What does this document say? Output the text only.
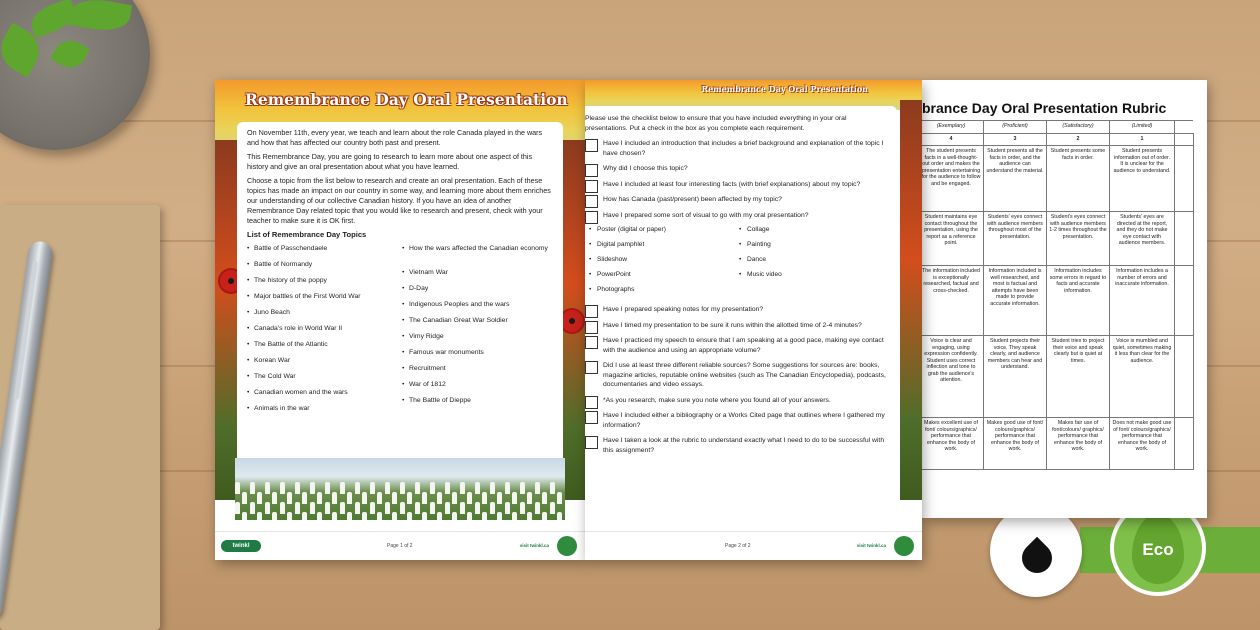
Remembrance Day Oral Presentation

On November 11th, every year, we teach and learn about the role Canada played in the wars and how that has affected our country both past and present.

This Remembrance Day, you are going to research to learn more about one aspect of this history and give an oral presentation about what you have learned.

Choose a topic from the list below to research and create an oral presentation. Each of these topics has made an impact on our country in some way, and learning more about them enriches our understanding of our collective Canadian history. If you have an idea of another Remembrance Day related topic that you would like to research and present, check with your teacher to make sure it is OK first.

List of Remembrance Day Topics
• Battle of Passchendaele
• Battle of Normandy
• The history of the poppy
• Major battles of the First World War
• Juno Beach
• Canada's role in World War II
• The Battle of the Atlantic
• Korean War
• The Cold War
• Canadian women and the wars
• Animals in the war
• How the wars affected the Canadian economy
• Vietnam War
• D-Day
• Indigenous Peoples and the wars
• The Canadian Great War Soldier
• Vimy Ridge
• Famous war monuments
• Recruitment
• War of 1812
• The Battle of Dieppe
twinkl	Page 1 of 2	visit twinkl.ca
Remembrance Day Oral Presentation

Please use the checklist below to ensure that you have included everything in your oral presentations. Put a check in the box as you complete each requirement.

Have I included an introduction that includes a brief background and explanation of the topic I have chosen?
Why did I choose this topic?
Have I included at least four interesting facts (with brief explanations) about my topic?
How has Canada (past/present) been affected by my topic?
Have I prepared some sort of visual to go with my oral presentation?
• Poster (digital or paper)	• Collage
• Digital pamphlet	• Painting
• Slideshow	• Dance
• PowerPoint	• Music video
• Photographs
Have I prepared speaking notes for my presentation?
Have I timed my presentation to be sure it runs within the allotted time of 2-4 minutes?
Have I practiced my speech to ensure that I am speaking at a good pace, making eye contact with the audience and using an appropriate volume?
Did I use at least three different reliable sources? Some suggestions for sources are: books, magazine articles, reputable online websites (such as The Canadian Encyclopedia), podcasts, documentaries and video essays.
*As you research, make sure you note where you found all of your answers.
Have I included either a bibliography or a Works Cited page that outlines where I gathered my information?
Have I taken a look at the rubric to understand exactly what I need to do to be successful with this assignment?
Page 2 of 2	visit twinkl.ca
brance Day Oral Presentation Rubric
(Exemplary)	(Proficient)	(Satisfactory)	(Limited)	
4	3	2	1	
The student presents facts in a well-thought-out order and makes the presentation entertaining for the audience to follow and be engaged.	Student presents all the facts in order, and the audience can understand the material.	Student presents some facts in order.	Student presents information out of order. It is unclear for the audience to understand.	
Student maintains eye contact throughout the presentation, using the report as a reference point.	Students' eyes connect with audience members throughout most of the presentation.	Student's eyes connect with audience members 1-2 times throughout the presentation.	Students' eyes are directed at the report, and they do not make eye contact with audience members.	
The information included is exceptionally researched, factual and cross-checked.	Information included is well researched, and most is factual and attempts have been made to provide accurate information.	Information includes some errors in regard to facts and accurate information.	Information includes a number of errors and inaccurate information.	
Voice is clear and engaging, using expression confidently. Student uses correct inflection and tone to grab the audience's attention.	Student projects their voice. They speak clearly, and audience members can hear and understand.	Student tries to project their voice and speak clearly but is quiet at times.	Voice is mumbled and quiet, sometimes making it less than clear for the audience.	
Makes excellent use of font/ colours/graphics/ performance that enhance the body of work.	Makes good use of font/ colours/graphics/ performance that enhance the body of work.	Makes fair use of font/colours/ graphics/ performance that enhance the body of work.	Does not make good use of font/ colours/graphics/ performance that enhance the body of work.	
Eco
